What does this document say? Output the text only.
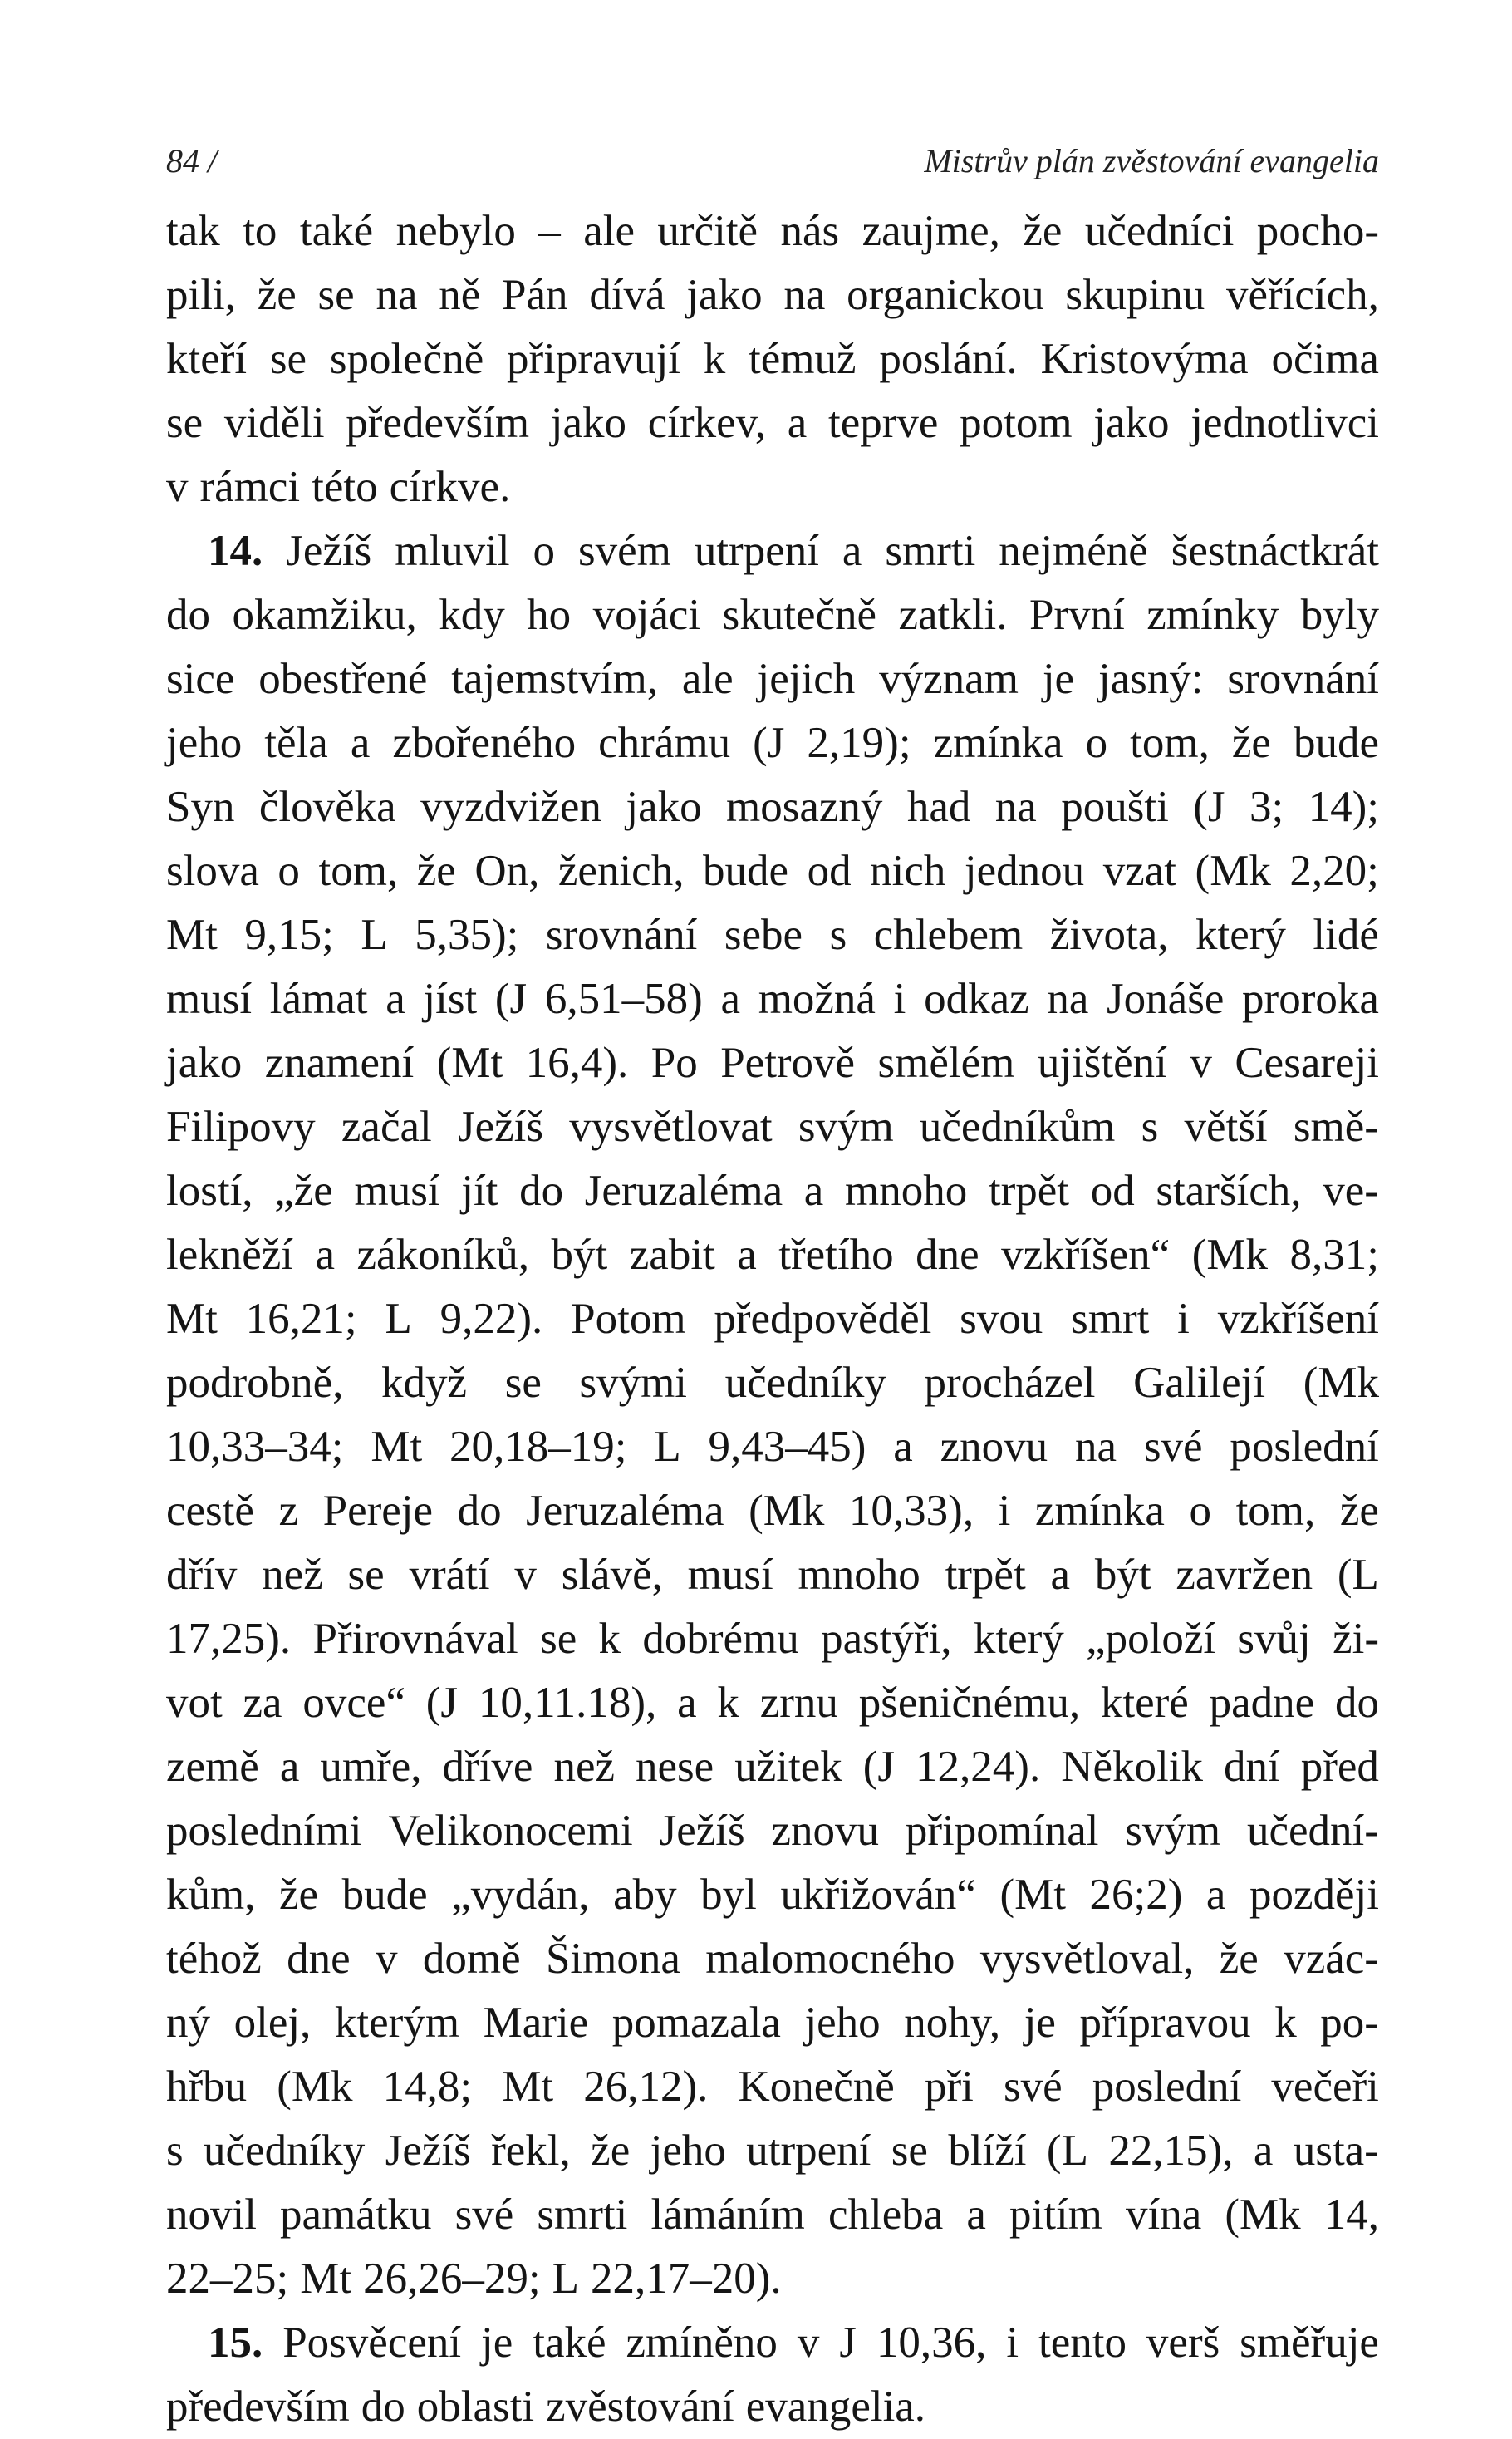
84 /	Mistrův plán zvěstování evangelia
tak to také nebylo – ale určitě nás zaujme, že učedníci pocho-
pili, že se na ně Pán dívá jako na organickou skupinu věřících,
kteří se společně připravují k témuž poslání. Kristovýma očima
se viděli především jako církev, a teprve potom jako jednotlivci
v rámci této církve.
14. Ježíš mluvil o svém utrpení a smrti nejméně šestnáctkrát
do okamžiku, kdy ho vojáci skutečně zatkli. První zmínky byly
sice obestřené tajemstvím, ale jejich význam je jasný: srovnání
jeho těla a zbořeného chrámu (J 2,19); zmínka o tom, že bude
Syn člověka vyzdvižen jako mosazný had na poušti (J 3; 14);
slova o tom, že On, ženich, bude od nich jednou vzat (Mk 2,20;
Mt 9,15; L 5,35); srovnání sebe s chlebem života, který lidé
musí lámat a jíst (J 6,51–58) a možná i odkaz na Jonáše proroka
jako znamení (Mt 16,4). Po Petrově smělém ujištění v Cesareji
Filipovy začal Ježíš vysvětlovat svým učedníkům s větší smě-
lostí, „že musí jít do Jeruzaléma a mnoho trpět od starších, ve-
lekněží a zákoníků, být zabit a třetího dne vzkříšen“ (Mk 8,31;
Mt 16,21; L 9,22). Potom předpověděl svou smrt i vzkříšení
podrobně, když se svými učedníky procházel Galilejí (Mk
10,33–34; Mt 20,18–19; L 9,43–45) a znovu na své poslední
cestě z Pereje do Jeruzaléma (Mk 10,33), i zmínka o tom, že
dřív než se vrátí v slávě, musí mnoho trpět a být zavržen (L
17,25). Přirovnával se k dobrému pastýři, který „položí svůj ži-
vot za ovce“ (J 10,11.18), a k zrnu pšeničnému, které padne do
země a umře, dříve než nese užitek (J 12,24). Několik dní před
posledními Velikonocemi Ježíš znovu připomínal svým učední-
kům, že bude „vydán, aby byl ukřižován“ (Mt 26;2) a později
téhož dne v domě Šimona malomocného vysvětloval, že vzác-
ný olej, kterým Marie pomazala jeho nohy, je přípravou k po-
hřbu (Mk 14,8; Mt 26,12). Konečně při své poslední večeři
s učedníky Ježíš řekl, že jeho utrpení se blíží (L 22,15), a usta-
novil památku své smrti lámáním chleba a pitím vína (Mk 14,
22–25; Mt 26,26–29; L 22,17–20).
15. Posvěcení je také zmíněno v J 10,36, i tento verš směřuje
především do oblasti zvěstování evangelia.
